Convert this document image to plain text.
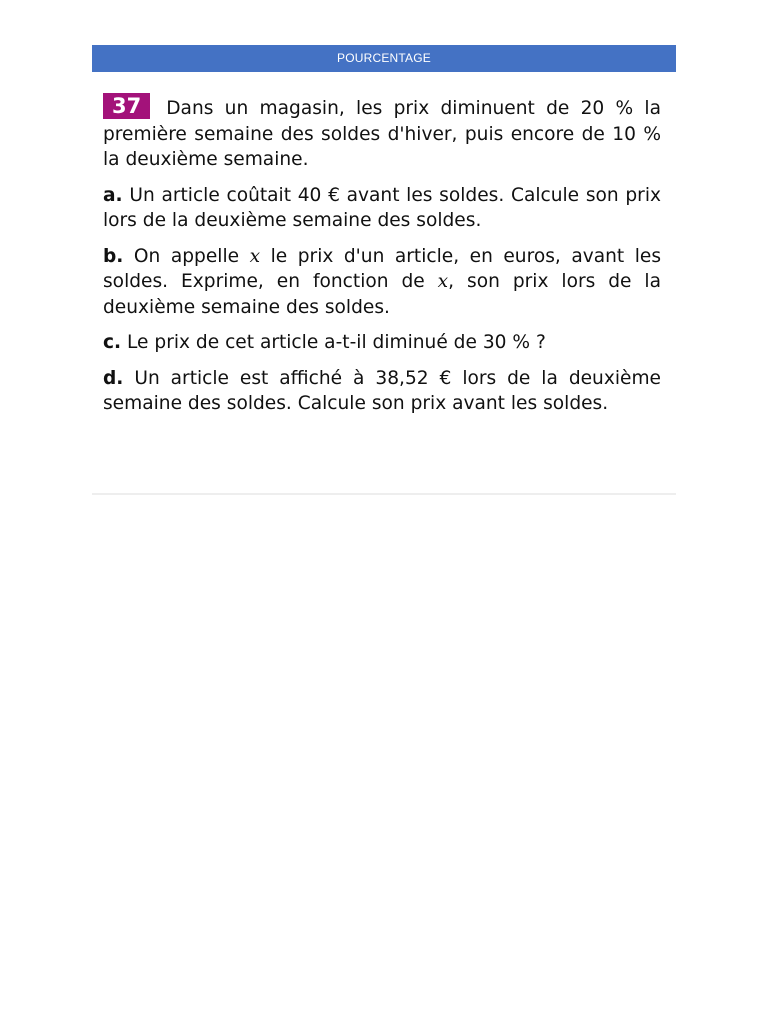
POURCENTAGE

37 Dans un magasin, les prix diminuent de 20 % la première semaine des soldes d'hiver, puis encore de 10 % la deuxième semaine.

a. Un article coûtait 40 € avant les soldes. Calcule son prix lors de la deuxième semaine des soldes.

b. On appelle x le prix d'un article, en euros, avant les soldes. Exprime, en fonction de x, son prix lors de la deuxième semaine des soldes.

c. Le prix de cet article a-t-il diminué de 30 % ?

d. Un article est affiché à 38,52 € lors de la deuxième semaine des soldes. Calcule son prix avant les soldes.
